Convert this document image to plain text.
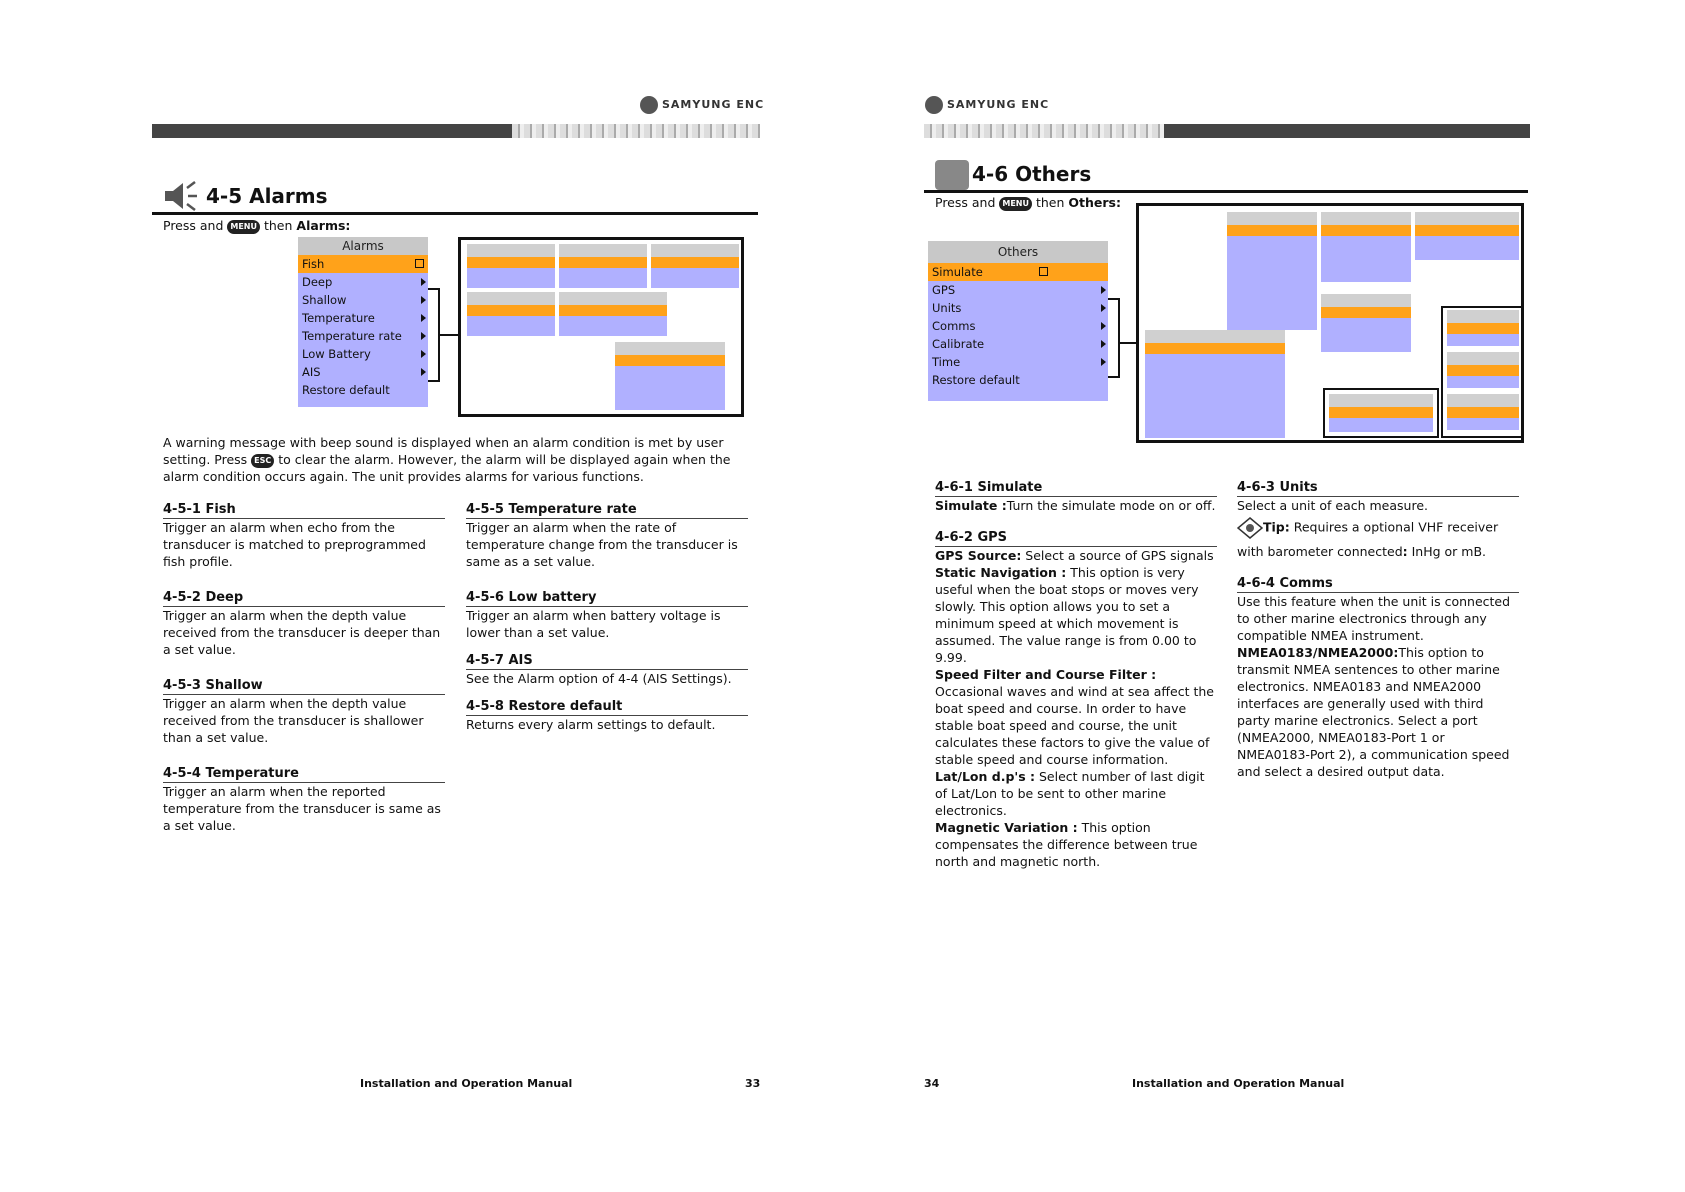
SAMYUNG ENC
4-5 Alarms
Press and MENU then Alarms:
Alarms
Fish
Deep
Shallow
Temperature
Temperature rate
Low Battery
AIS
Restore default
A warning message with beep sound is displayed when an alarm condition is met by user setting. Press ESC to clear the alarm. However, the alarm will be displayed again when the alarm condition occurs again. The unit provides alarms for various functions.
4-5-1 Fish
Trigger an alarm when echo from the transducer is matched to preprogrammed fish profile.
4-5-2 Deep
Trigger an alarm when the depth value received from the transducer is deeper than a set value.
4-5-3 Shallow
Trigger an alarm when the depth value received from the transducer is shallower than a set value.
4-5-4 Temperature
Trigger an alarm when the reported temperature from the transducer is same as a set value.
4-5-5 Temperature rate
Trigger an alarm when the rate of temperature change from the transducer is same as a set value.
4-5-6 Low battery
Trigger an alarm when battery voltage is lower than a set value.
4-5-7 AIS
See the Alarm option of 4-4 (AIS Settings).
4-5-8 Restore default
Returns every alarm settings to default.
Installation and Operation Manual	33
SAMYUNG ENC
4-6 Others
Press and MENU then Others:
Others
Simulate
GPS
Units
Comms
Calibrate
Time
Restore default
4-6-1 Simulate
Simulate :Turn the simulate mode on or off.
4-6-2 GPS
GPS Source: Select a source of GPS signals
Static Navigation : This option is very useful when the boat stops or moves very slowly. This option allows you to set a minimum speed at which movement is assumed. The value range is from 0.00 to 9.99.
Speed Filter and Course Filter : Occasional waves and wind at sea affect the boat speed and course. In order to have stable boat speed and course, the unit calculates these factors to give the value of stable speed and course information.
Lat/Lon d.p's : Select number of last digit of Lat/Lon to be sent to other marine electronics.
Magnetic Variation : This option compensates the difference between true north and magnetic north.
4-6-3 Units
Select a unit of each measure.
Tip: Requires a optional VHF receiver
with barometer connected: InHg or mB.
4-6-4 Comms
Use this feature when the unit is connected to other marine electronics through any compatible NMEA instrument.
NMEA0183/NMEA2000:This option to transmit NMEA sentences to other marine electronics. NMEA0183 and NMEA2000 interfaces are generally used with third party marine electronics. Select a port (NMEA2000, NMEA0183-Port 1 or NMEA0183-Port 2), a communication speed and select a desired output data.
34	Installation and Operation Manual
